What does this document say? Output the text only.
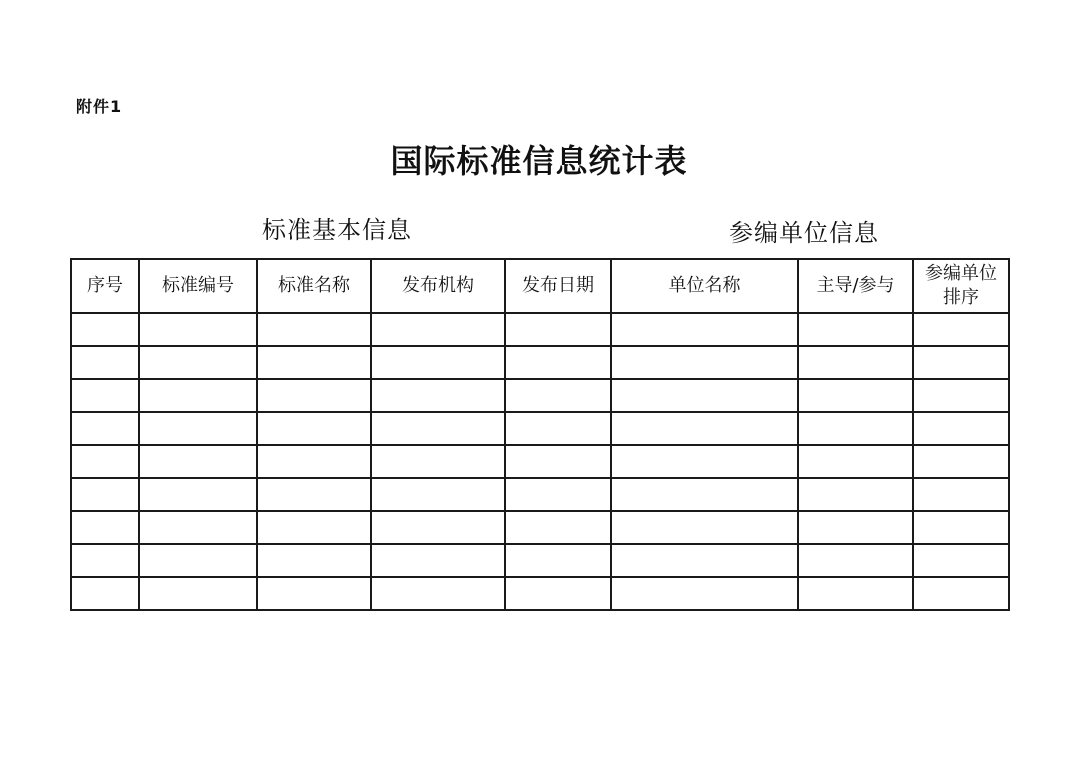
附件1
国际标准信息统计表
标准基本信息	参编单位信息
序号	标准编号	标准名称	发布机构	发布日期	单位名称	主导/参与	参编单位
排序
